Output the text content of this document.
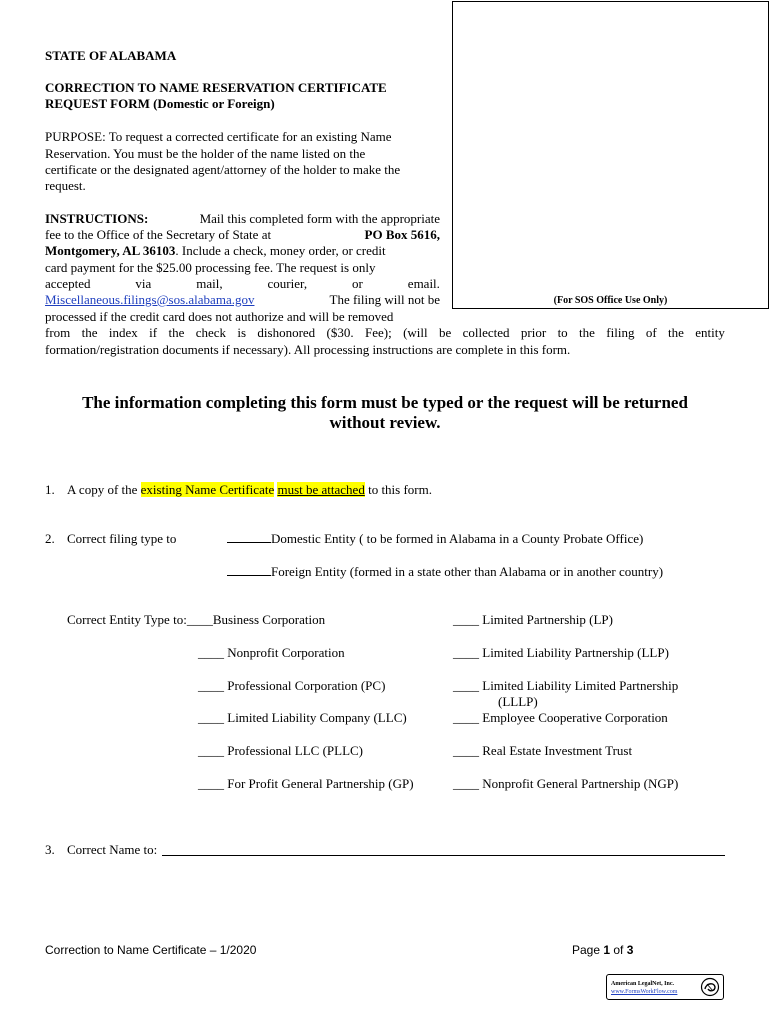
(For SOS Office Use Only)
STATE OF ALABAMA
CORRECTION TO NAME RESERVATION CERTIFICATE
REQUEST FORM (Domestic or Foreign)
PURPOSE: To request a corrected certificate for an existing Name
Reservation. You must be the holder of the name listed on the
certificate or the designated agent/attorney of the holder to make the
request.
INSTRUCTIONS:	Mail this completed form with the appropriate
fee to the Office of the Secretary of State at	PO Box 5616,
Montgomery, AL 36103. Include a check, money order, or credit
card payment for the $25.00 processing fee. The request is only
accepted	via	mail,	courier,	or	email.
Miscellaneous.filings@sos.alabama.gov	The filing will not be
processed if the credit card does not authorize and will be removed
from the index if the check is dishonored ($30. Fee); (will be collected prior to the filing of the entity
formation/registration documents if necessary). All processing instructions are complete in this form.
The information completing this form must be typed or the request will be returned
without review.
1. A copy of the existing Name Certificate must be attached to this form.
2. Correct filing type to	Domestic Entity ( to be formed in Alabama in a County Probate Office)
Foreign Entity (formed in a state other than Alabama or in another country)
Correct Entity Type to:____Business Corporation
____ Nonprofit Corporation
____ Professional Corporation (PC)
____ Limited Liability Company (LLC)
____ Professional LLC (PLLC)
____ For Profit General Partnership (GP)
____ Limited Partnership (LP)
____ Limited Liability Partnership (LLP)
____ Limited Liability Limited Partnership
(LLLP)
____ Employee Cooperative Corporation
____ Real Estate Investment Trust
____ Nonprofit General Partnership (NGP)
3. Correct Name to:
Correction to Name Certificate – 1/2020	Page 1 of 3
American LegalNet, Inc.
www.FormsWorkFlow.com
